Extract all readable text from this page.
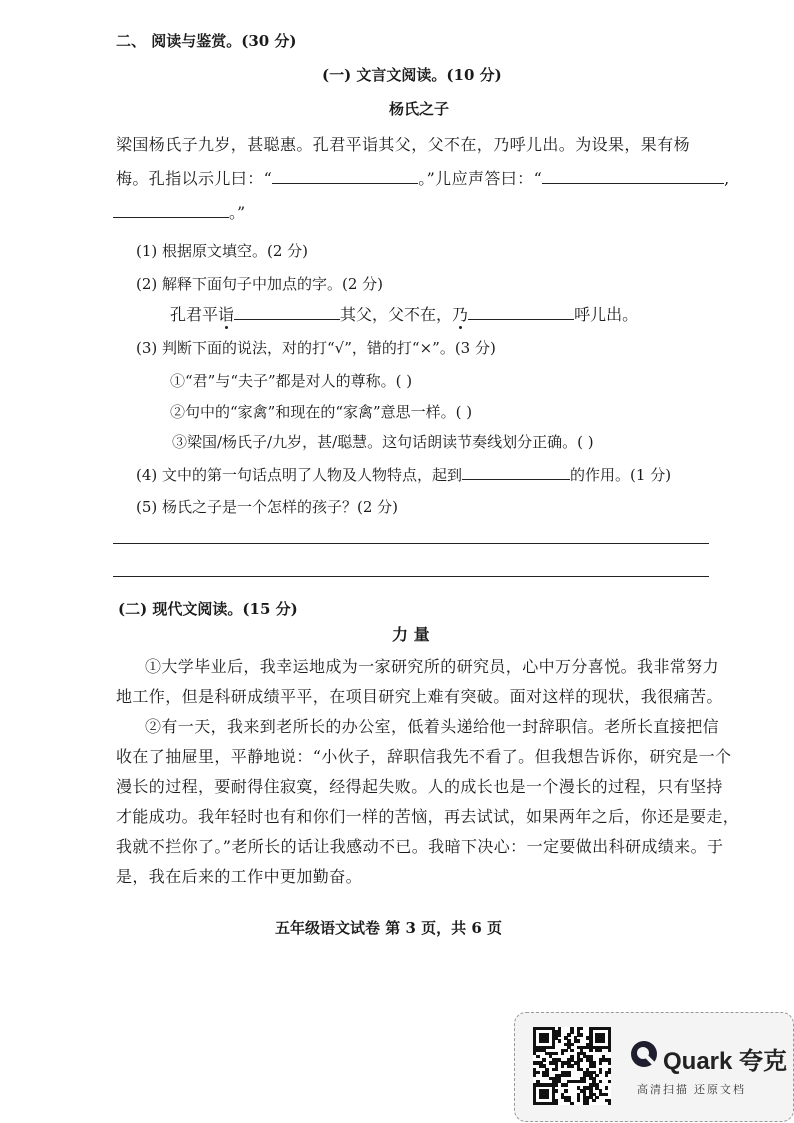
二、 阅读与鉴赏。(30 分)
(一) 文言文阅读。(10 分)
杨氏之子
梁国杨氏子九岁，甚聪惠。孔君平诣其父，父不在，乃呼儿出。为设果，果有杨
梅。孔指以示儿曰：“	。”儿应声答曰：“	,
。”
(1) 根据原文填空。(2 分)
(2) 解释下面句子中加点的字。(2 分)
孔君平诣	其父，父不在，乃	呼儿出。
(3) 判断下面的说法，对的打“√”，错的打“×”。(3 分)
①“君”与“夫子”都是对人的尊称。( )
②句中的“家禽”和现在的“家禽”意思一样。( )
③梁国/杨氏子/九岁，甚/聪慧。这句话朗读节奏线划分正确。( )
(4) 文中的第一句话点明了人物及人物特点，起到	的作用。(1 分)
(5) 杨氏之子是一个怎样的孩子？(2 分)
(二) 现代文阅读。(15 分)
力 量
①大学毕业后，我幸运地成为一家研究所的研究员，心中万分喜悦。我非常努力
地工作，但是科研成绩平平，在项目研究上难有突破。面对这样的现状，我很痛苦。
②有一天，我来到老所长的办公室，低着头递给他一封辞职信。老所长直接把信
收在了抽屉里，平静地说：“小伙子，辞职信我先不看了。但我想告诉你，研究是一个
漫长的过程，要耐得住寂寞，经得起失败。人的成长也是一个漫长的过程，只有坚持
才能成功。我年轻时也有和你们一样的苦恼，再去试试，如果两年之后，你还是要走，
我就不拦你了。”老所长的话让我感动不已。我暗下决心：一定要做出科研成绩来。于
是，我在后来的工作中更加勤奋。
五年级语文试卷 第 3 页，共 6 页
Quark 夸克
高清扫描 还原文档
